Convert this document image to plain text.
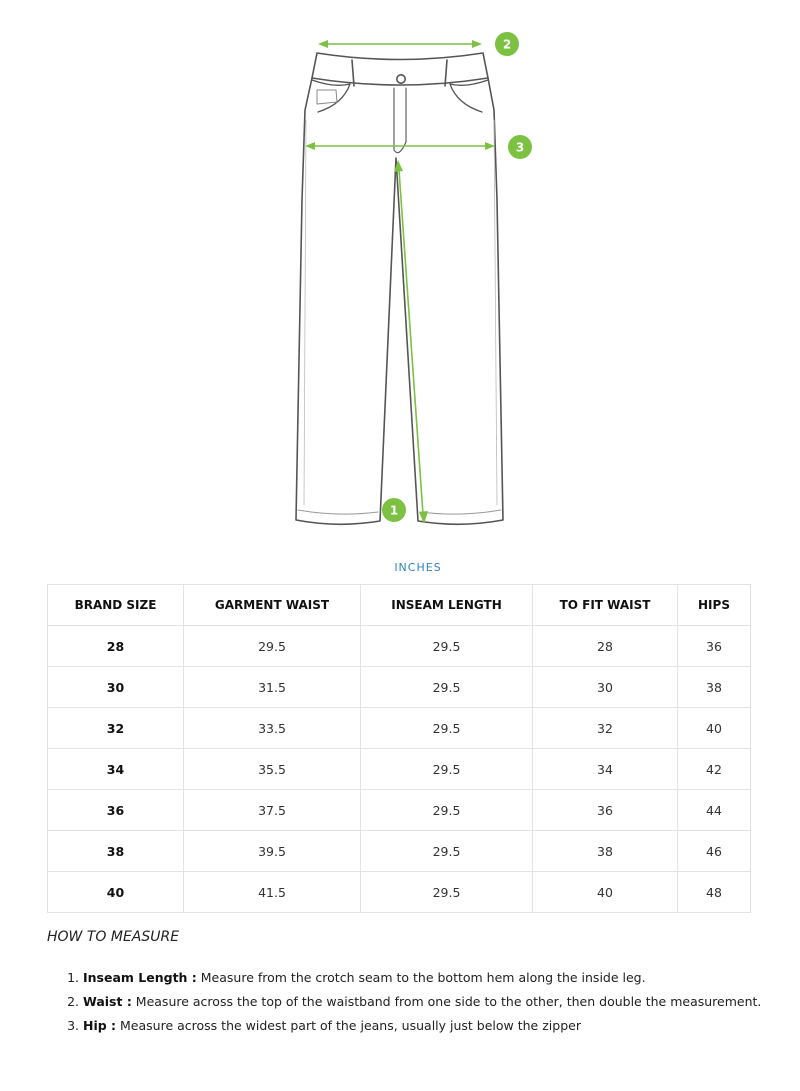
2
3
1
INCHES
BRAND SIZE	GARMENT WAIST	INSEAM LENGTH	TO FIT WAIST	HIPS
28	29.5	29.5	28	36
30	31.5	29.5	30	38
32	33.5	29.5	32	40
34	35.5	29.5	34	42
36	37.5	29.5	36	44
38	39.5	29.5	38	46
40	41.5	29.5	40	48
HOW TO MEASURE
1. Inseam Length : Measure from the crotch seam to the bottom hem along the inside leg.
2. Waist : Measure across the top of the waistband from one side to the other, then double the measurement.
3. Hip : Measure across the widest part of the jeans, usually just below the zipper
